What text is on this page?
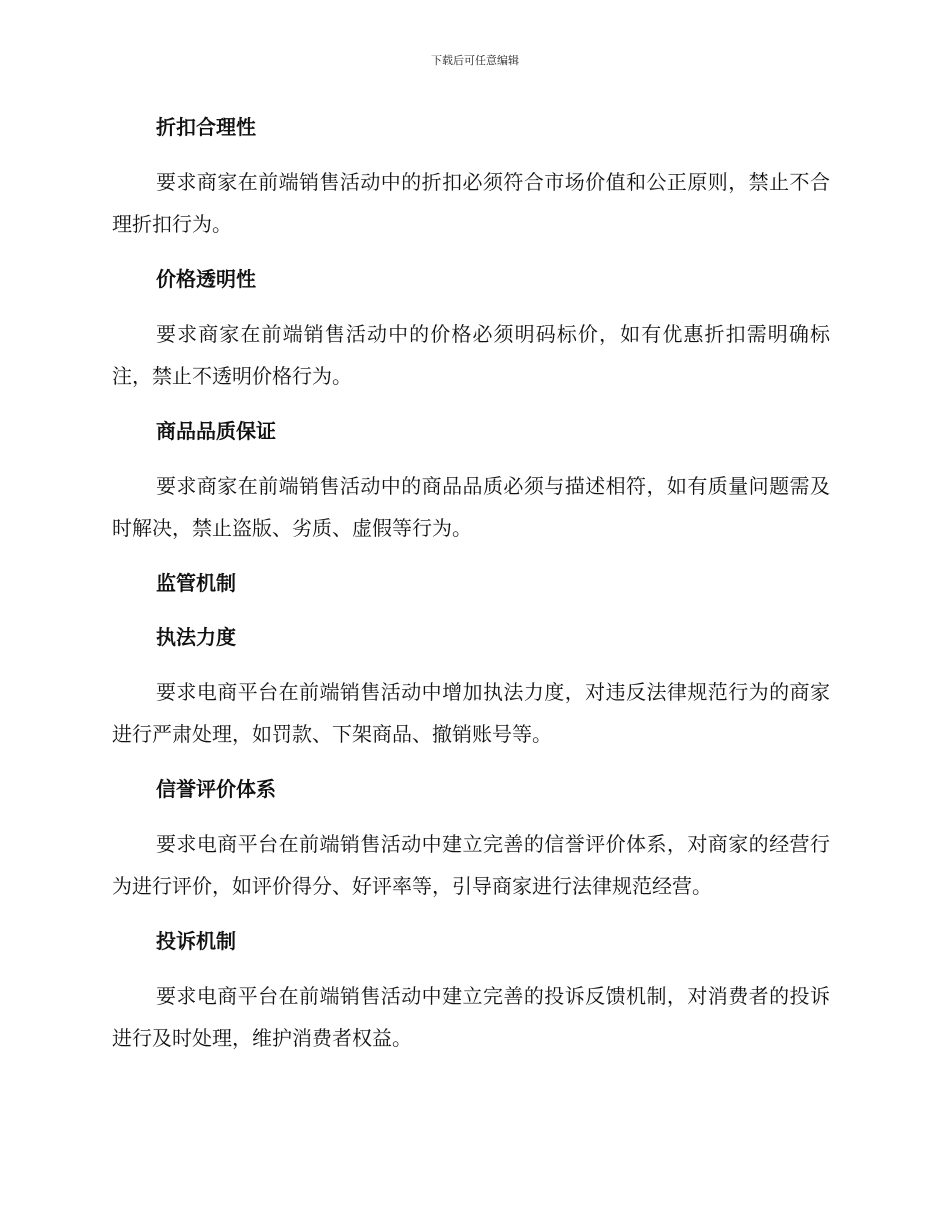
下载后可任意编辑
折扣合理性
要求商家在前端销售活动中的折扣必须符合市场价值和公正原则，禁止不合理折扣行为。
价格透明性
要求商家在前端销售活动中的价格必须明码标价，如有优惠折扣需明确标注，禁止不透明价格行为。
商品品质保证
要求商家在前端销售活动中的商品品质必须与描述相符，如有质量问题需及时解决，禁止盗版、劣质、虚假等行为。
监管机制
执法力度
要求电商平台在前端销售活动中增加执法力度，对违反法律规范行为的商家进行严肃处理，如罚款、下架商品、撤销账号等。
信誉评价体系
要求电商平台在前端销售活动中建立完善的信誉评价体系，对商家的经营行为进行评价，如评价得分、好评率等，引导商家进行法律规范经营。
投诉机制
要求电商平台在前端销售活动中建立完善的投诉反馈机制，对消费者的投诉进行及时处理，维护消费者权益。
